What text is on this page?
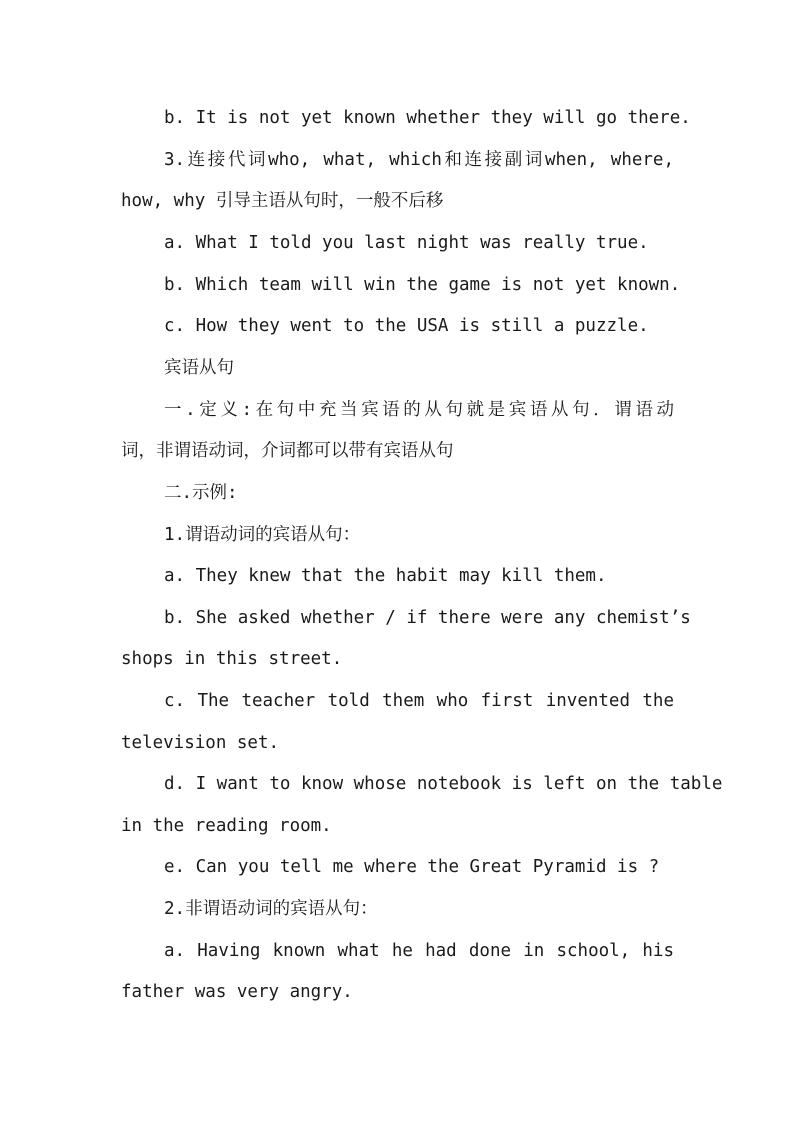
b. It is not yet known whether they will go there.

3.连接代词who, what, which和连接副词when, where,

how, why 引导主语从句时，一般不后移

a. What I told you last night was really true.

b. Which team will win the game is not yet known.

c. How they went to the USA is still a puzzle.

宾语从句

一.定义:在句中充当宾语的从句就是宾语从句．谓语动

词，非谓语动词，介词都可以带有宾语从句

二.示例:

1.谓语动词的宾语从句：

a. They knew that the habit may kill them.

b. She asked whether / if there were any chemist’s

shops in this street.

c. The teacher told them who first invented the

television set.

d. I want to know whose notebook is left on the table

in the reading room.

e. Can you tell me where the Great Pyramid is ?

2.非谓语动词的宾语从句：

a. Having known what he had done in school, his

father was very angry.
